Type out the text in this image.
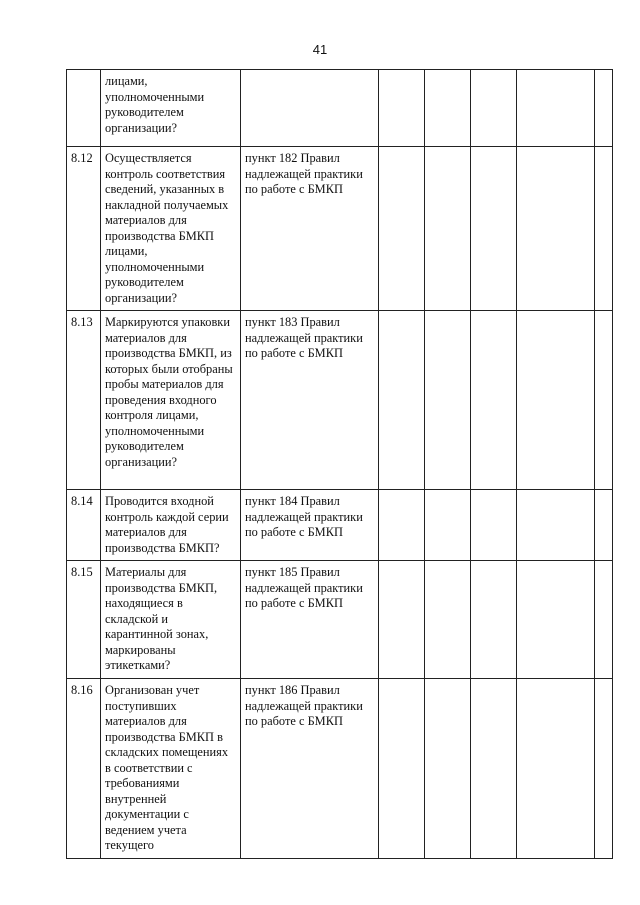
41
	лицами, уполномоченными руководителем организации?						
8.12	Осуществляется контроль соответствия сведений, указанных в накладной получаемых материалов для производства БМКП лицами, уполномоченными руководителем организации?	пункт 182 Правил надлежащей практики по работе с БМКП					
8.13	Маркируются упаковки материалов для производства БМКП, из которых были отобраны пробы материалов для проведения входного контроля лицами, уполномоченными руководителем организации?	пункт 183 Правил надлежащей практики по работе с БМКП					
8.14	Проводится входной контроль каждой серии материалов для производства БМКП?	пункт 184 Правил надлежащей практики по работе с БМКП					
8.15	Материалы для производства БМКП, находящиеся в складской и карантинной зонах, маркированы этикетками?	пункт 185 Правил надлежащей практики по работе с БМКП					
8.16	Организован учет поступивших материалов для производства БМКП в складских помещениях в соответствии с требованиями внутренней документации с ведением учета текущего	пункт 186 Правил надлежащей практики по работе с БМКП					
